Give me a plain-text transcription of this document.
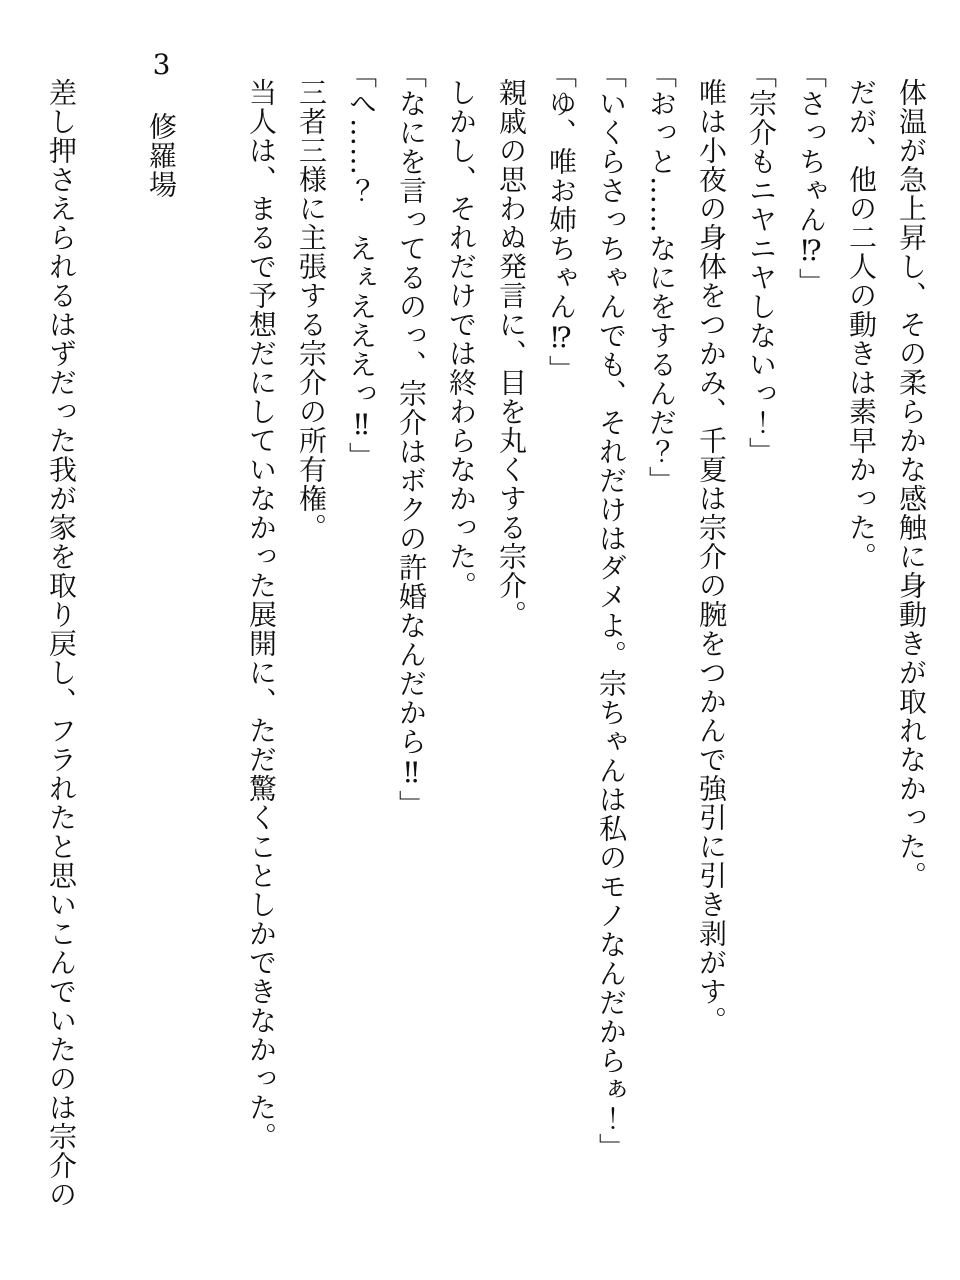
体温が急上昇し、その柔らかな感触に身動きが取れなかった。

だが、他の二人の動きは素早かった。

「さっちゃん⁉」

「宗介もニヤニヤしないっ！」

唯は小夜の身体をつかみ、千夏は宗介の腕をつかんで強引に引き剥がす。

「おっと……なにをするんだ？」

「いくらさっちゃんでも、それだけはダメよ。宗ちゃんは私のモノなんだからぁ！」

「ゆ、唯お姉ちゃん⁉」

親戚の思わぬ発言に、目を丸くする宗介。

しかし、それだけでは終わらなかった。

「なにを言ってるのっ、宗介はボクの許婚なんだから‼」

「へ……？　えぇえええっ‼」

三者三様に主張する宗介の所有権。

当人は、まるで予想だにしていなかった展開に、ただ驚くことしかできなかった。

3修羅場

差し押さえられるはずだった我が家を取り戻し、フラれたと思いこんでいたのは宗介の
